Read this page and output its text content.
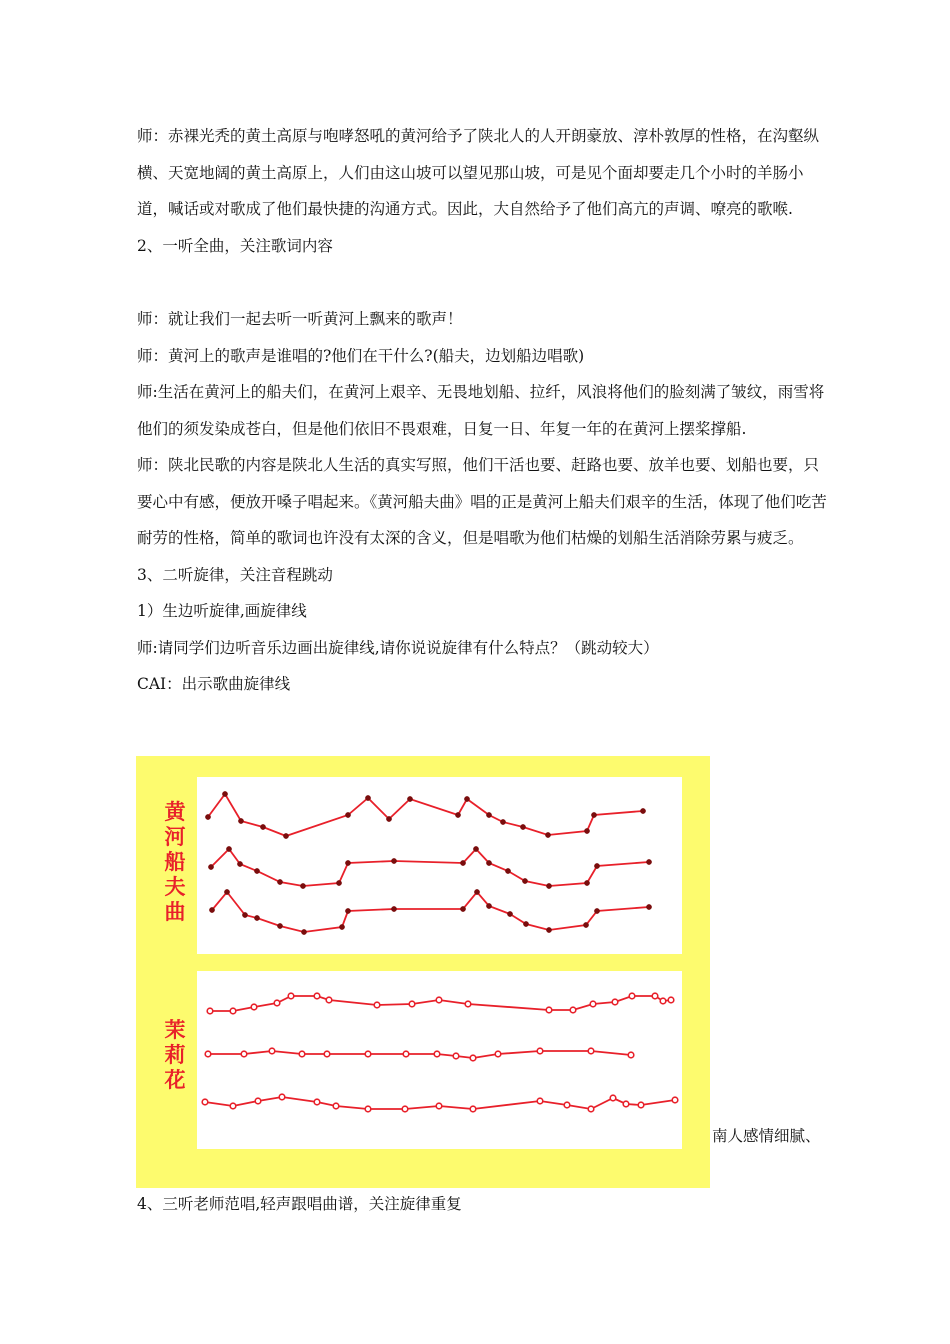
师：赤裸光秃的黄土高原与咆哮怒吼的黄河给予了陕北人的人开朗豪放、淳朴敦厚的性格，在沟壑纵横、天宽地阔的黄土高原上，人们由这山坡可以望见那山坡，可是见个面却要走几个小时的羊肠小道，喊话或对歌成了他们最快捷的沟通方式。因此，大自然给予了他们高亢的声调、嘹亮的歌喉.

2、一听全曲，关注歌词内容

师：就让我们一起去听一听黄河上飘来的歌声！

师：黄河上的歌声是谁唱的?他们在干什么?(船夫，边划船边唱歌)

师:生活在黄河上的船夫们，在黄河上艰辛、无畏地划船、拉纤，风浪将他们的脸刻满了皱纹，雨雪将他们的须发染成苍白，但是他们依旧不畏艰难，日复一日、年复一年的在黄河上摆桨撑船.

师：陕北民歌的内容是陕北人生活的真实写照，他们干活也要、赶路也要、放羊也要、划船也要，只要心中有感，便放开嗓子唱起来。《黄河船夫曲》唱的正是黄河上船夫们艰辛的生活，体现了他们吃苦耐劳的性格，简单的歌词也许没有太深的含义，但是唱歌为他们枯燥的划船生活消除劳累与疲乏。

3、二听旋律，关注音程跳动

1）生边听旋律,画旋律线

师:请同学们边听音乐边画出旋律线,请你说说旋律有什么特点？（跳动较大）

CAI：出示歌曲旋律线

黄河船夫曲
茉莉花
南人感情细腻、
4、三听老师范唱,轻声跟唱曲谱，关注旋律重复
